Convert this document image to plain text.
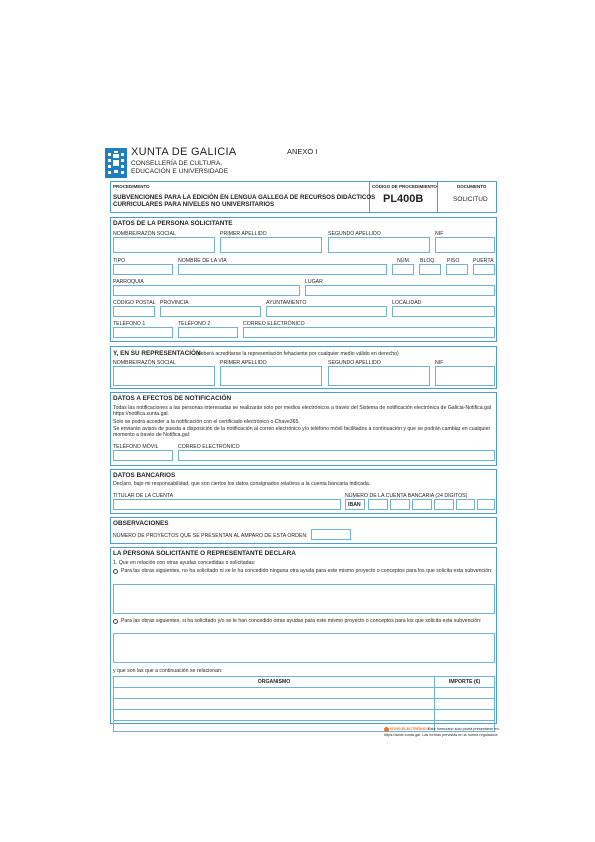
XUNTA DE GALICIA
CONSELLERÍA DE CULTURA,
EDUCACIÓN E UNIVERSIDADE
ANEXO I
PROCEDIMENTO
SUBVENCIONES PARA LA EDICIÓN EN LENGUA GALLEGA DE RECURSOS DIDÁCTICOS
CURRICULARES PARA NIVELES NO UNIVERSITARIOS
CÓDIGO DE PROCEDIMIENTO
PL400B
DOCUMENTO
SOLICITUD
DATOS DE LA PERSONA SOLICITANTE
NOMBRE/RAZÓN SOCIAL	PRIMER APELLIDO	SEGUNDO APELLIDO	NIF
TIPO	NOMBRE DE LA VÍA	NÚM. BLOQ. PISO	PUERTA
PARROQUIA	LUGAR
CÓDIGO POSTAL PROVINCIA	AYUNTAMIENTO	LOCALIDAD
TELÉFONO 1	TELÉFONO 2	CORREO ELECTRÓNICO
Y, EN SU REPRESENTACIÓN
(deberá acreditarse la representación fehaciente por cualquier medio válido en derecho)
NOMBRE/RAZÓN SOCIAL	PRIMER APELLIDO	SEGUNDO APELLIDO	NIF
DATOS A EFECTOS DE NOTIFICACIÓN
Todas las notificaciones a las personas interesadas se realizarán solo por medios electrónicos a través del Sistema de notificación electrónica de Galicia-Notifica.gal https://notifica.xunta.gal.
Solo se podrá acceder a la notificación con el certificado electrónico o Chave365.
Se enviarán avisos de puesta a disposición de la notificación al correo electrónico y/o teléfono móvil facilitados a continuación y que se podrán cambiar en cualquier momento a través de Notifica.gal:
TELÉFONO MÓVIL	CORREO ELECTRÓNICO
DATOS BANCARIOS
Declaro, bajo mi responsabilidad, que son ciertos los datos consignados relativos a la cuenta bancaria indicada.
TITULAR DE LA CUENTA	NÚMERO DE LA CUENTA BANCARIA (24 DÍGITOS)
IBAN
OBSERVACIONES
NÚMERO DE PROYECTOS QUE SE PRESENTAN AL AMPARO DE ESTA ORDEN:
LA PERSONA SOLICITANTE O REPRESENTANTE DECLARA
1. Que en relación con otras ayudas concedidas o solicitadas:
Para las obras siguientes, no ha solicitado ni se le ha concedido ninguna otra ayuda para este mismo proyecto o conceptos para los que solicita esta subvención:
Para las obras siguientes, si ha solicitado y/o se le han concedido otras ayudas para este mismo proyecto o conceptos para los que solicita esta subvención:
y que son las que a continuación se relacionan:
ORGANISMO	IMPORTE (€)

ISO50 ELECTRÓNICO
Este formulario solo podrá presentarse en
https://sede.xunta.gal. Las formas previstas en la norma reguladora
